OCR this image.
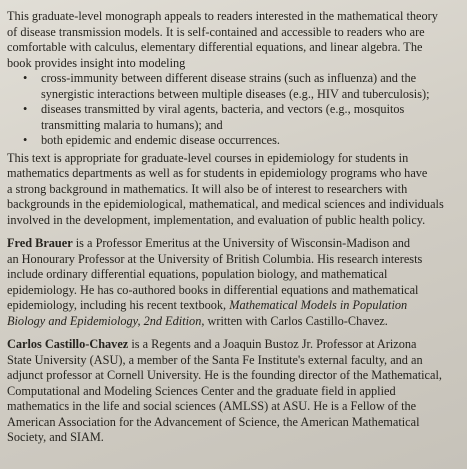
This graduate-level monograph appeals to readers interested in the mathematical theory

of disease transmission models. It is self-contained and accessible to readers who are

comfortable with calculus, elementary differential equations, and linear algebra. The

book provides insight into modeling

• cross-immunity between different disease strains (such as influenza) and the
synergistic interactions between multiple diseases (e.g., HIV and tuberculosis);
• diseases transmitted by viral agents, bacteria, and vectors (e.g., mosquitos
transmitting malaria to humans); and
• both epidemic and endemic disease occurrences.

This text is appropriate for graduate-level courses in epidemiology for students in

mathematics departments as well as for students in epidemiology programs who have

a strong background in mathematics. It will also be of interest to researchers with

backgrounds in the epidemiological, mathematical, and medical sciences and individuals

involved in the development, implementation, and evaluation of public health policy.

Fred Brauer is a Professor Emeritus at the University of Wisconsin-Madison and

an Honourary Professor at the University of British Columbia. His research interests

include ordinary differential equations, population biology, and mathematical

epidemiology. He has co-authored books in differential equations and mathematical

epidemiology, including his recent textbook, Mathematical Models in Population

Biology and Epidemiology, 2nd Edition, written with Carlos Castillo-Chavez.

Carlos Castillo-Chavez is a Regents and a Joaquin Bustoz Jr. Professor at Arizona

State University (ASU), a member of the Santa Fe Institute's external faculty, and an

adjunct professor at Cornell University. He is the founding director of the Mathematical,

Computational and Modeling Sciences Center and the graduate field in applied

mathematics in the life and social sciences (AMLSS) at ASU. He is a Fellow of the

American Association for the Advancement of Science, the American Mathematical

Society, and SIAM.
